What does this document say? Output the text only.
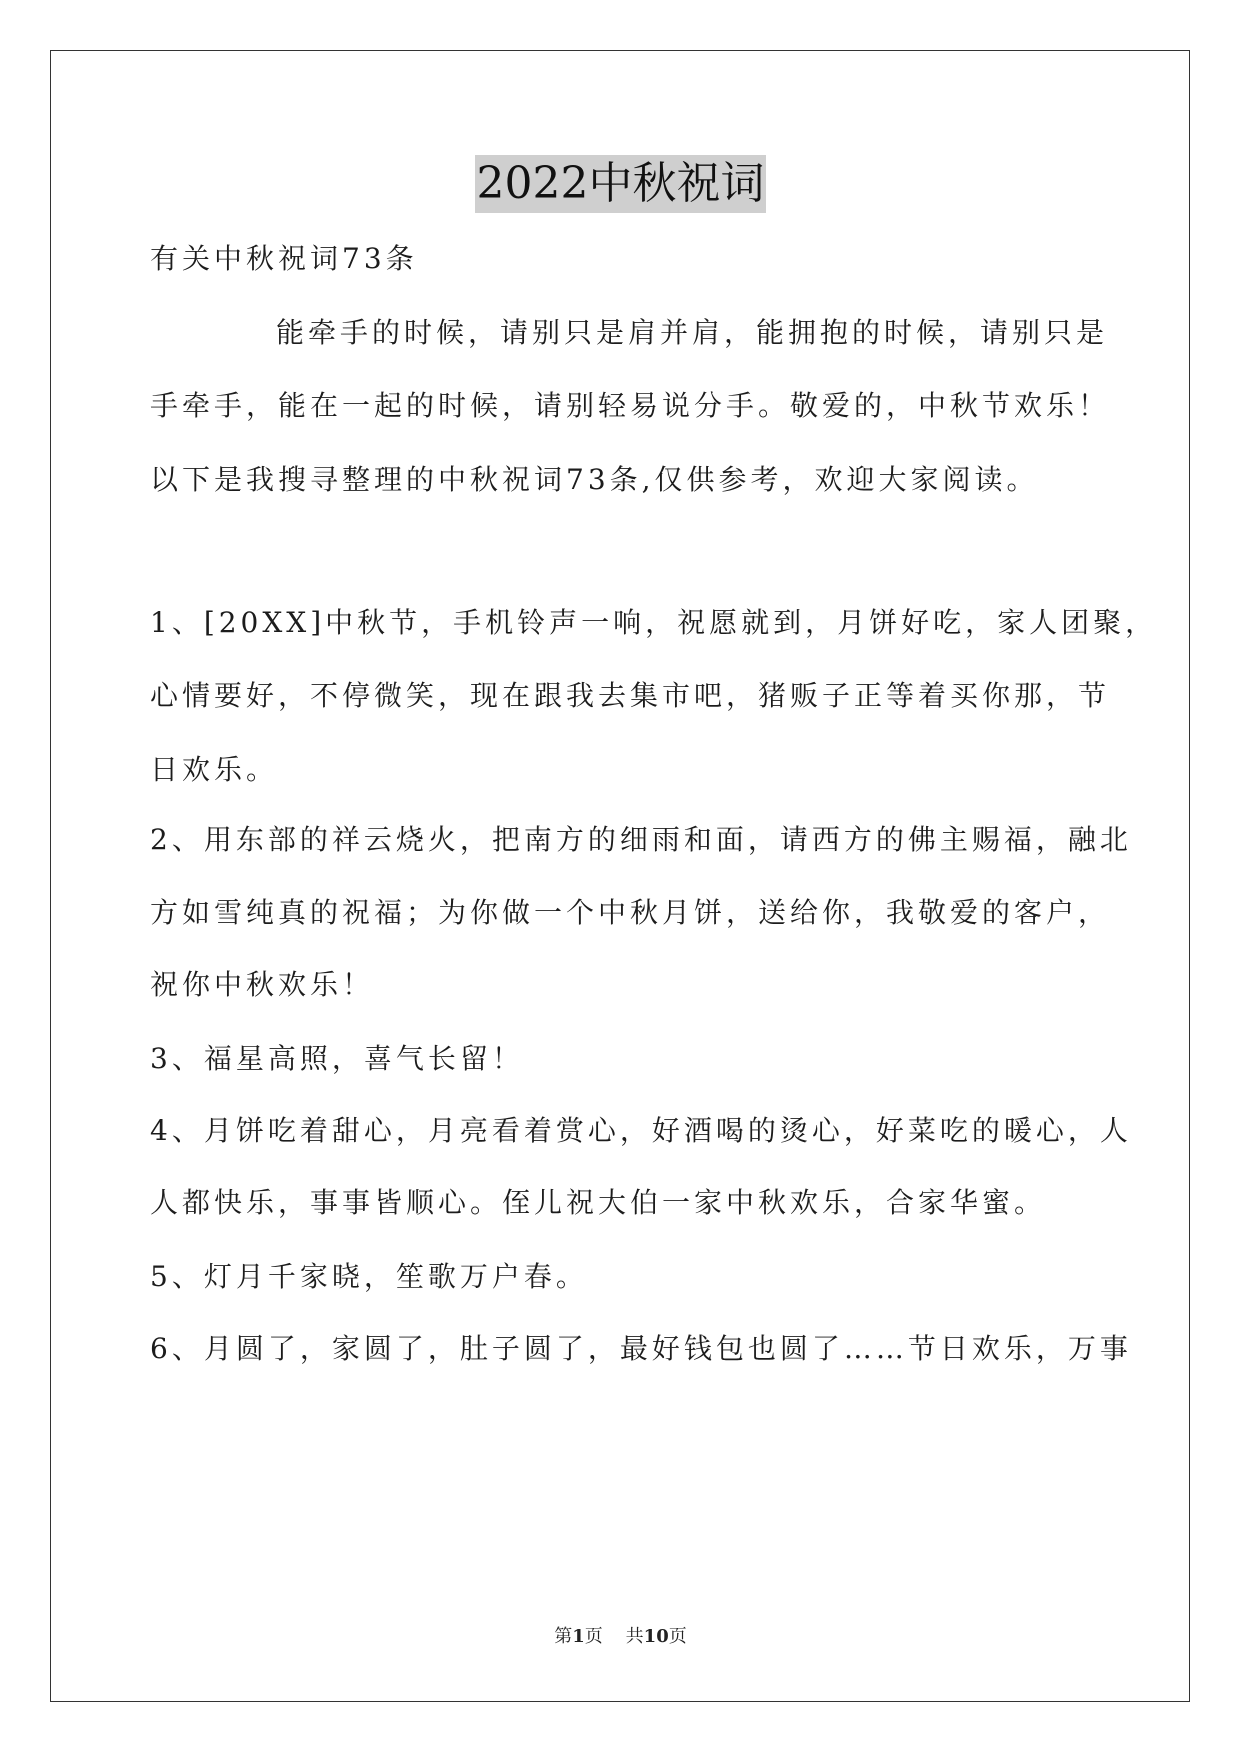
2022中秋祝词
有关中秋祝词73条
能牵手的时候，请别只是肩并肩，能拥抱的时候，请别只是
手牵手，能在一起的时候，请别轻易说分手。敬爱的，中秋节欢乐！
以下是我搜寻整理的中秋祝词73条,仅供参考，欢迎大家阅读。
1、[20XX]中秋节，手机铃声一响，祝愿就到，月饼好吃，家人团聚，
心情要好，不停微笑，现在跟我去集市吧，猪贩子正等着买你那，节
日欢乐。
2、用东部的祥云烧火，把南方的细雨和面，请西方的佛主赐福，融北
方如雪纯真的祝福；为你做一个中秋月饼，送给你，我敬爱的客户，
祝你中秋欢乐！
3、福星高照，喜气长留！
4、月饼吃着甜心，月亮看着赏心，好酒喝的烫心，好菜吃的暖心，人
人都快乐，事事皆顺心。侄儿祝大伯一家中秋欢乐，合家华蜜。
5、灯月千家晓，笙歌万户春。
6、月圆了，家圆了，肚子圆了，最好钱包也圆了……节日欢乐，万事
第1页 共10页
